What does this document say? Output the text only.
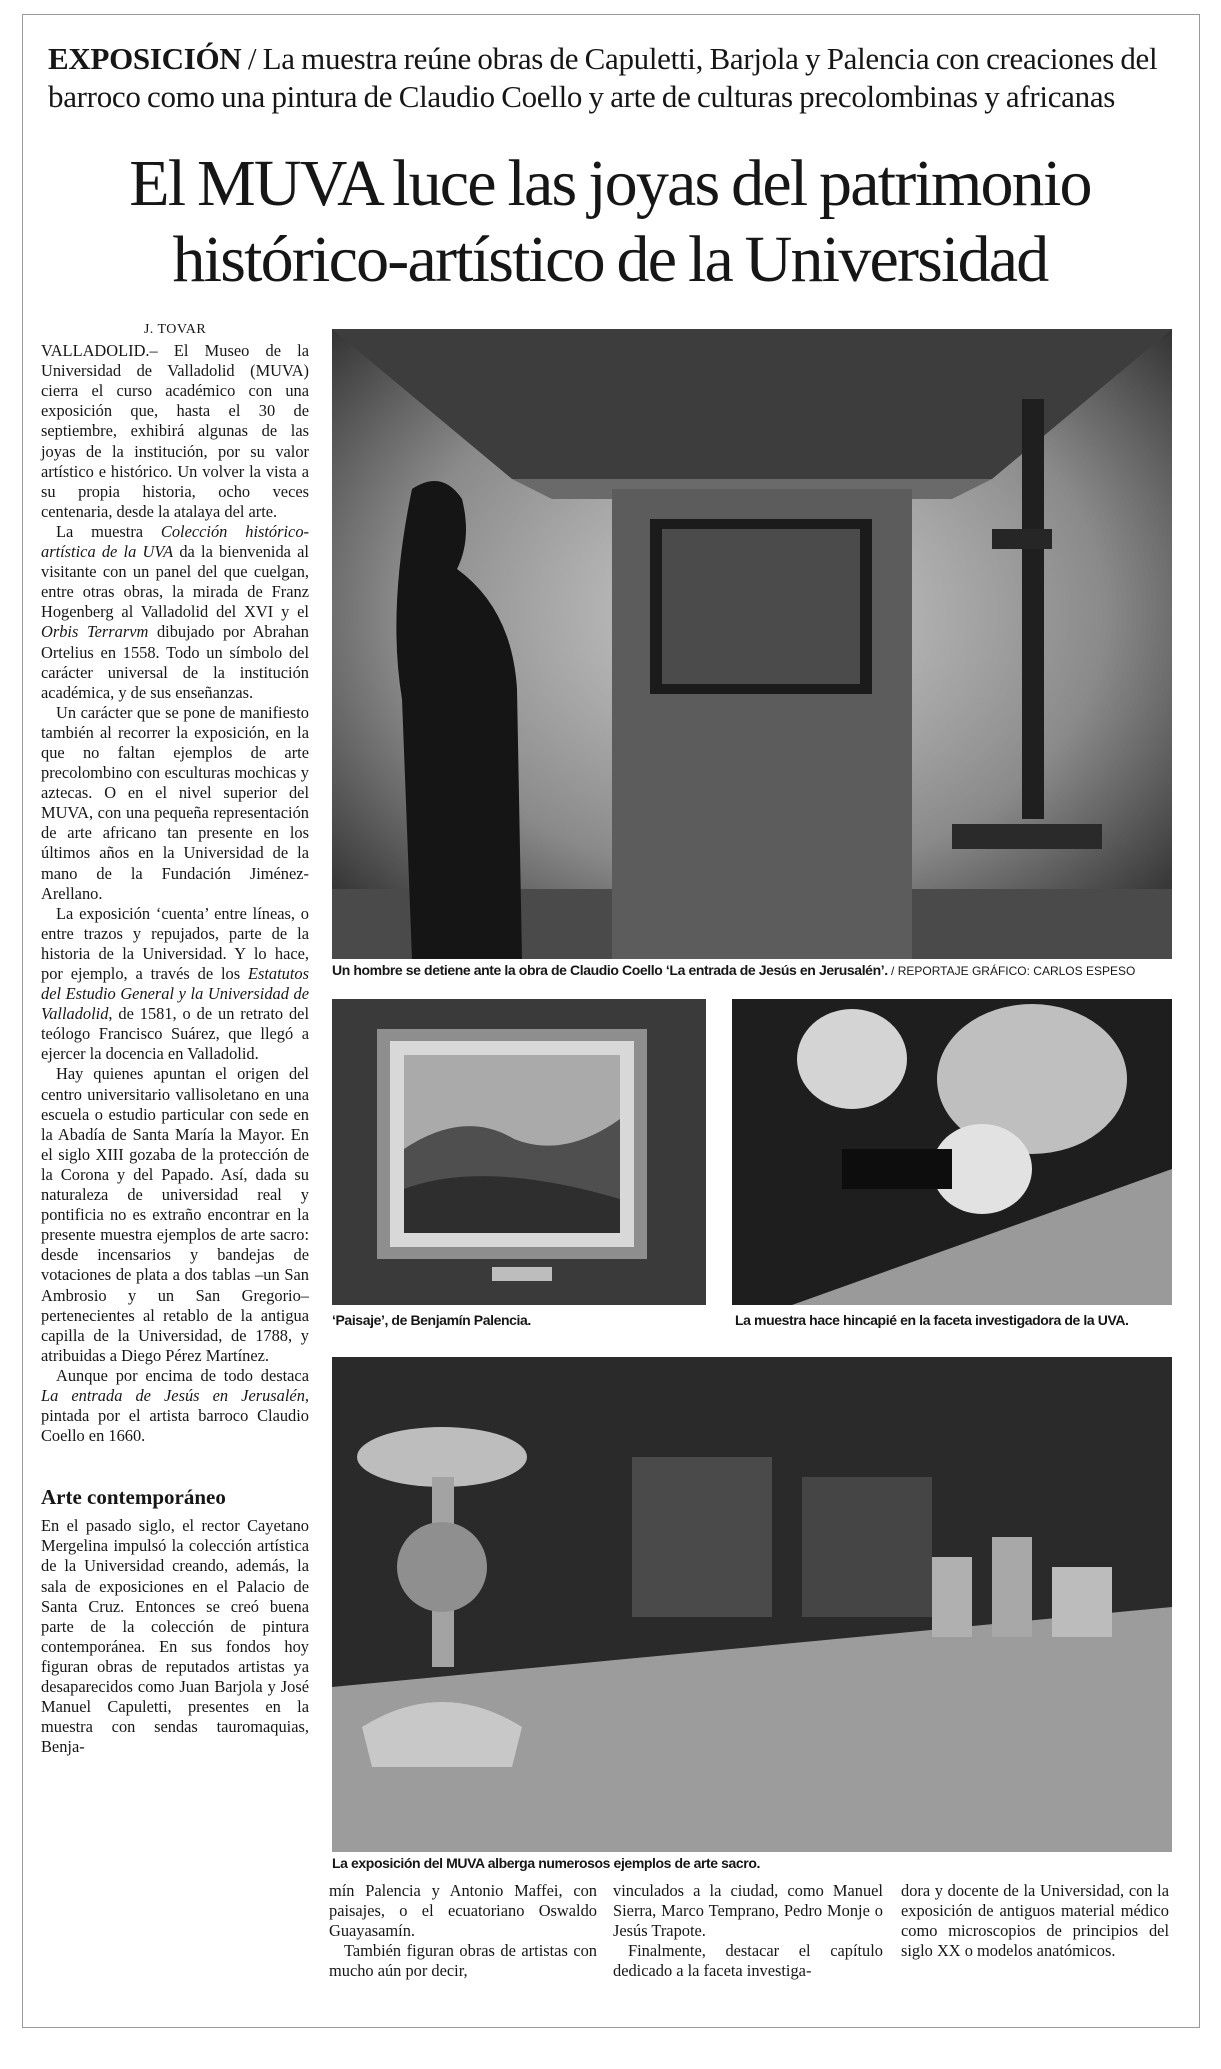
EXPOSICIÓN / La muestra reúne obras de Capuletti, Barjola y Palencia con creaciones del barroco como una pintura de Claudio Coello y arte de culturas precolombinas y africanas
El MUVA luce las joyas del patrimonio
histórico-artístico de la Universidad
Un hombre se detiene ante la obra de Claudio Coello ‘La entrada de Jesús en Jerusalén’. / REPORTAJE GRÁFICO: CARLOS ESPESO
‘Paisaje’, de Benjamín Palencia.	La muestra hace hincapié en la faceta investigadora de la UVA.
La exposición del MUVA alberga numerosos ejemplos de arte sacro.
J. TOVAR

VALLADOLID.– El Museo de la Universidad de Valladolid (MUVA) cierra el curso académico con una exposición que, hasta el 30 de septiembre, exhibirá algunas de las joyas de la institución, por su valor artístico e histórico. Un volver la vista a su propia historia, ocho veces centenaria, desde la atalaya del arte.

La muestra Colección histórico-artística de la UVA da la bienvenida al visitante con un panel del que cuelgan, entre otras obras, la mirada de Franz Hogenberg al Valladolid del XVI y el Orbis Terrarvm dibujado por Abrahan Ortelius en 1558. Todo un símbolo del carácter universal de la institución académica, y de sus enseñanzas.

Un carácter que se pone de manifiesto también al recorrer la exposición, en la que no faltan ejemplos de arte precolombino con esculturas mochicas y aztecas. O en el nivel superior del MUVA, con una pequeña representación de arte africano tan presente en los últimos años en la Universidad de la mano de la Fundación Jiménez-Arellano.

La exposición ‘cuenta’ entre líneas, o entre trazos y repujados, parte de la historia de la Universidad. Y lo hace, por ejemplo, a través de los Estatutos del Estudio General y la Universidad de Valladolid, de 1581, o de un retrato del teólogo Francisco Suárez, que llegó a ejercer la docencia en Valladolid.

Hay quienes apuntan el origen del centro universitario vallisoletano en una escuela o estudio particular con sede en la Abadía de Santa María la Mayor. En el siglo XIII gozaba de la protección de la Corona y del Papado. Así, dada su naturaleza de universidad real y pontificia no es extraño encontrar en la presente muestra ejemplos de arte sacro: desde incensarios y bandejas de votaciones de plata a dos tablas –un San Ambrosio y un San Gregorio– pertenecientes al retablo de la antigua capilla de la Universidad, de 1788, y atribuidas a Diego Pérez Martínez.

Aunque por encima de todo destaca La entrada de Jesús en Jerusalén, pintada por el artista barroco Claudio Coello en 1660.

Arte contemporáneo

En el pasado siglo, el rector Cayetano Mergelina impulsó la colección artística de la Universidad creando, además, la sala de exposiciones en el Palacio de Santa Cruz. Entonces se creó buena parte de la colección de pintura contemporánea. En sus fondos hoy figuran obras de reputados artistas ya desaparecidos como Juan Barjola y José Manuel Capuletti, presentes en la muestra con sendas tauromaquias, Benja-

mín Palencia y Antonio Maffei, con paisajes, o el ecuatoriano Oswaldo Guayasamín.

También figuran obras de artistas con mucho aún por decir,

vinculados a la ciudad, como Manuel Sierra, Marco Temprano, Pedro Monje o Jesús Trapote.

Finalmente, destacar el capítulo dedicado a la faceta investiga-

dora y docente de la Universidad, con la exposición de antiguos material médico como microscopios de principios del siglo XX o modelos anatómicos.
